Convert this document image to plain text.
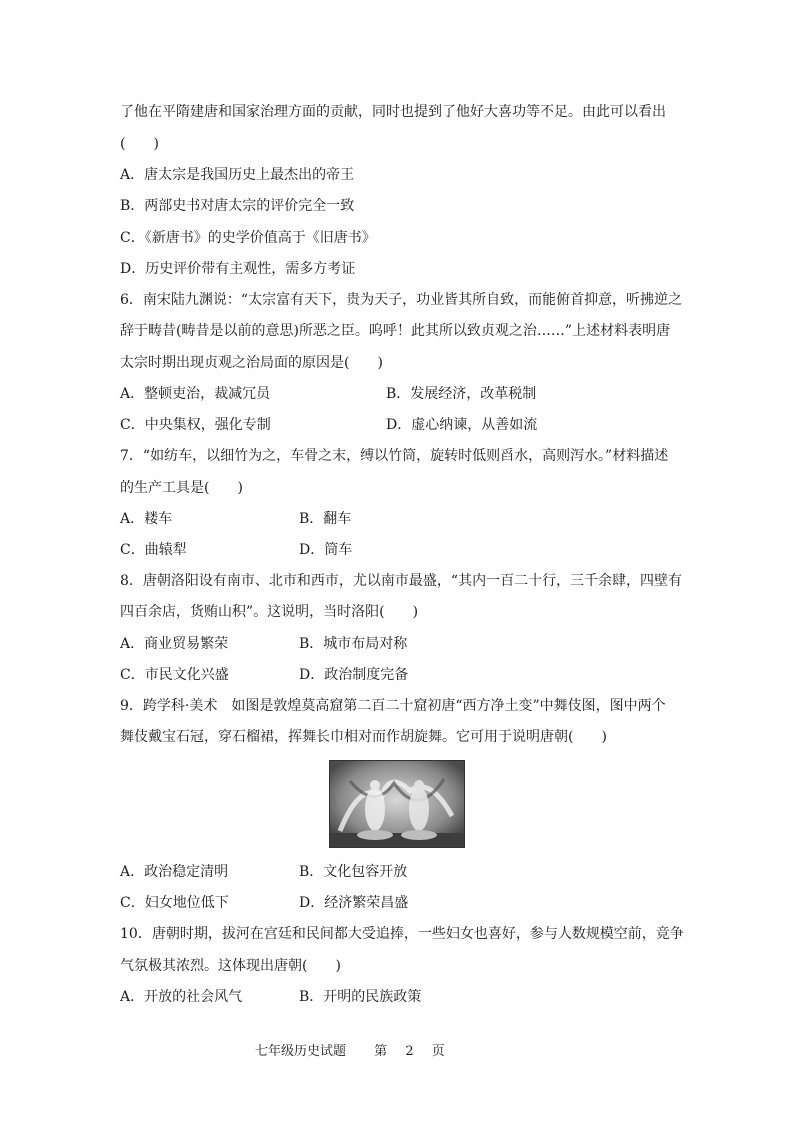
了他在平隋建唐和国家治理方面的贡献，同时也提到了他好大喜功等不足。由此可以看出
(　　)
A．唐太宗是我国历史上最杰出的帝王
B．两部史书对唐太宗的评价完全一致
C．《新唐书》的史学价值高于《旧唐书》
D．历史评价带有主观性，需多方考证
6．南宋陆九渊说：“太宗富有天下，贵为天子，功业皆其所自致，而能俯首抑意，听拂逆之
辞于畴昔(畴昔是以前的意思)所恶之臣。呜呼！此其所以致贞观之治……”上述材料表明唐
太宗时期出现贞观之治局面的原因是(　　)
A．整顿吏治，裁减冗员	B．发展经济，改革税制
C．中央集权，强化专制	D．虚心纳谏，从善如流
7．“如纺车，以细竹为之，车骨之末，缚以竹筒，旋转时低则舀水，高则泻水。”材料描述
的生产工具是(　　)
A．耧车	B．翻车
C．曲辕犁	D．筒车
8．唐朝洛阳设有南市、北市和西市，尤以南市最盛，“其内一百二十行，三千余肆，四壁有
四百余店，货贿山积”。这说明，当时洛阳(　　)
A．商业贸易繁荣	B．城市布局对称
C．市民文化兴盛	D．政治制度完备
9．跨学科·美术　如图是敦煌莫高窟第二百二十窟初唐“西方净土变”中舞伎图，图中两个
舞伎戴宝石冠，穿石榴裙，挥舞长巾相对而作胡旋舞。它可用于说明唐朝(　　)
A．政治稳定清明	B．文化包容开放
C．妇女地位低下	D．经济繁荣昌盛
10．唐朝时期，拔河在宫廷和民间都大受追捧，一些妇女也喜好，参与人数规模空前，竞争
气氛极其浓烈。这体现出唐朝(　　)
A．开放的社会风气	B．开明的民族政策
七年级历史试题 第 2 页
